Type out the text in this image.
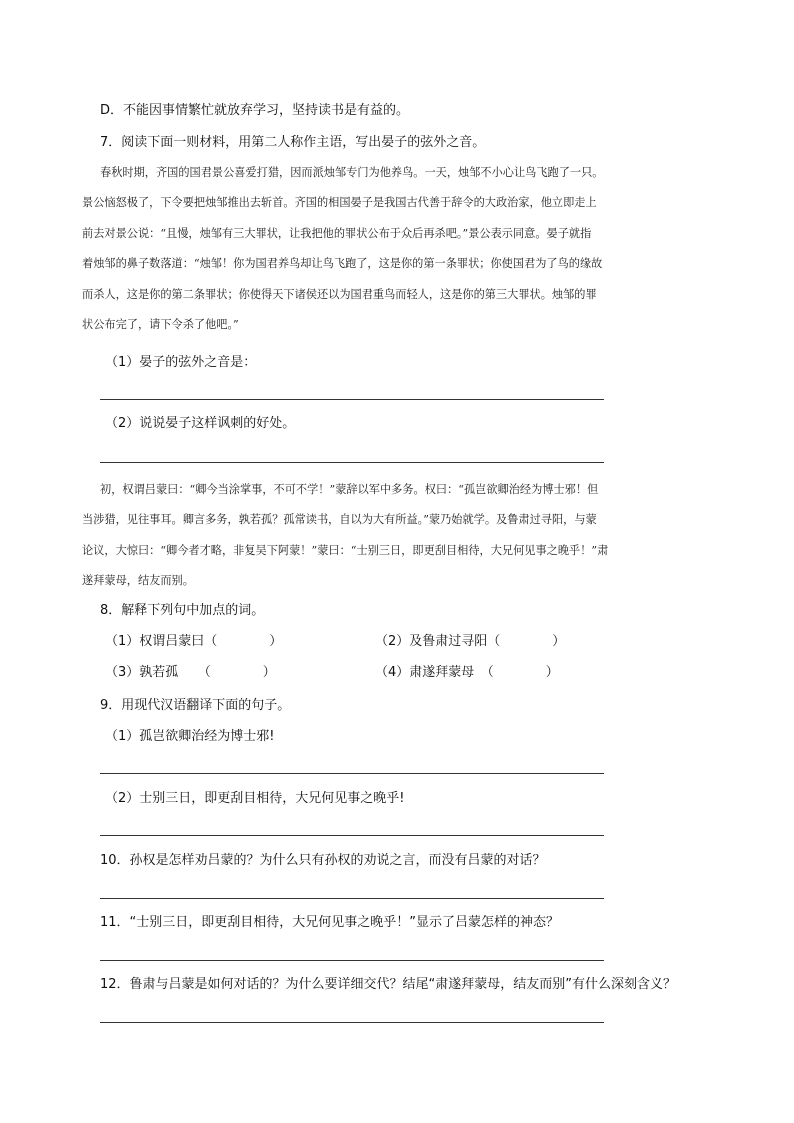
D．不能因事情繁忙就放弃学习，坚持读书是有益的。
7．阅读下面一则材料，用第二人称作主语，写出晏子的弦外之音。
春秋时期，齐国的国君景公喜爱打猎，因而派烛邹专门为他养鸟。一天，烛邹不小心让鸟飞跑了一只。
景公恼怒极了，下令要把烛邹推出去斩首。齐国的相国晏子是我国古代善于辞令的大政治家，他立即走上
前去对景公说：“且慢，烛邹有三大罪状，让我把他的罪状公布于众后再杀吧。”景公表示同意。晏子就指
着烛邹的鼻子数落道：“烛邹！你为国君养鸟却让鸟飞跑了，这是你的第一条罪状；你使国君为了鸟的缘故
而杀人，这是你的第二条罪状；你使得天下诸侯还以为国君重鸟而轻人，这是你的第三大罪状。烛邹的罪
状公布完了，请下令杀了他吧。”
（1）晏子的弦外之音是：
（2）说说晏子这样讽刺的好处。
初，权谓吕蒙曰：“卿今当涂掌事，不可不学！”蒙辞以军中多务。权曰：“孤岂欲卿治经为博士邪！但
当涉猎，见往事耳。卿言多务，孰若孤？孤常读书，自以为大有所益。”蒙乃始就学。及鲁肃过寻阳，与蒙
论议，大惊曰：“卿今者才略，非复吴下阿蒙！”蒙曰：“士别三日，即更刮目相待，大兄何见事之晚乎！”肃
遂拜蒙母，结友而别。
8．解释下列句中加点的词。
（1）权谓吕蒙曰（　　　　）	（2）及鲁肃过寻阳（　　　　）
（3）孰若孤　　（　　　　）	（4）肃遂拜蒙母　（　　　　）
9．用现代汉语翻译下面的句子。
（1）孤岂欲卿治经为博士邪!
（2）士别三日，即更刮目相待，大兄何见事之晚乎!
10．孙权是怎样劝吕蒙的？为什么只有孙权的劝说之言，而没有吕蒙的对话？
11．“士别三日，即更刮目相待，大兄何见事之晚乎！”显示了吕蒙怎样的神态？
12．鲁肃与吕蒙是如何对话的？为什么要详细交代？结尾“肃遂拜蒙母，结友而别”有什么深刻含义？
